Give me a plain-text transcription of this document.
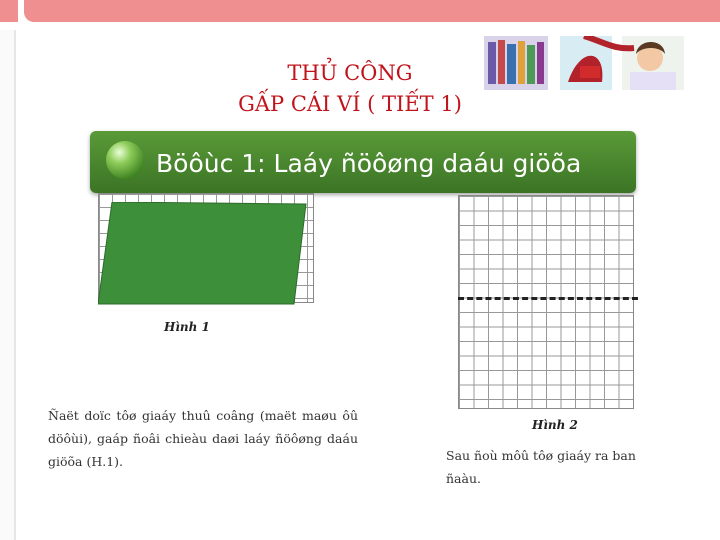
THỦ CÔNG
GẤP CÁI VÍ ( TIẾT 1)
Böôùc 1: Laáy ñöôøng daáu giöõa
Hình 1
Hình 2
Ñaët doïc tôø giaáy thuû coâng (maët maøu ôû döôùi), gaáp ñoâi chieàu daøi laáy ñöôøng daáu giöõa (H.1).	Sau ñoù môû tôø giaáy ra ban ñaàu.
